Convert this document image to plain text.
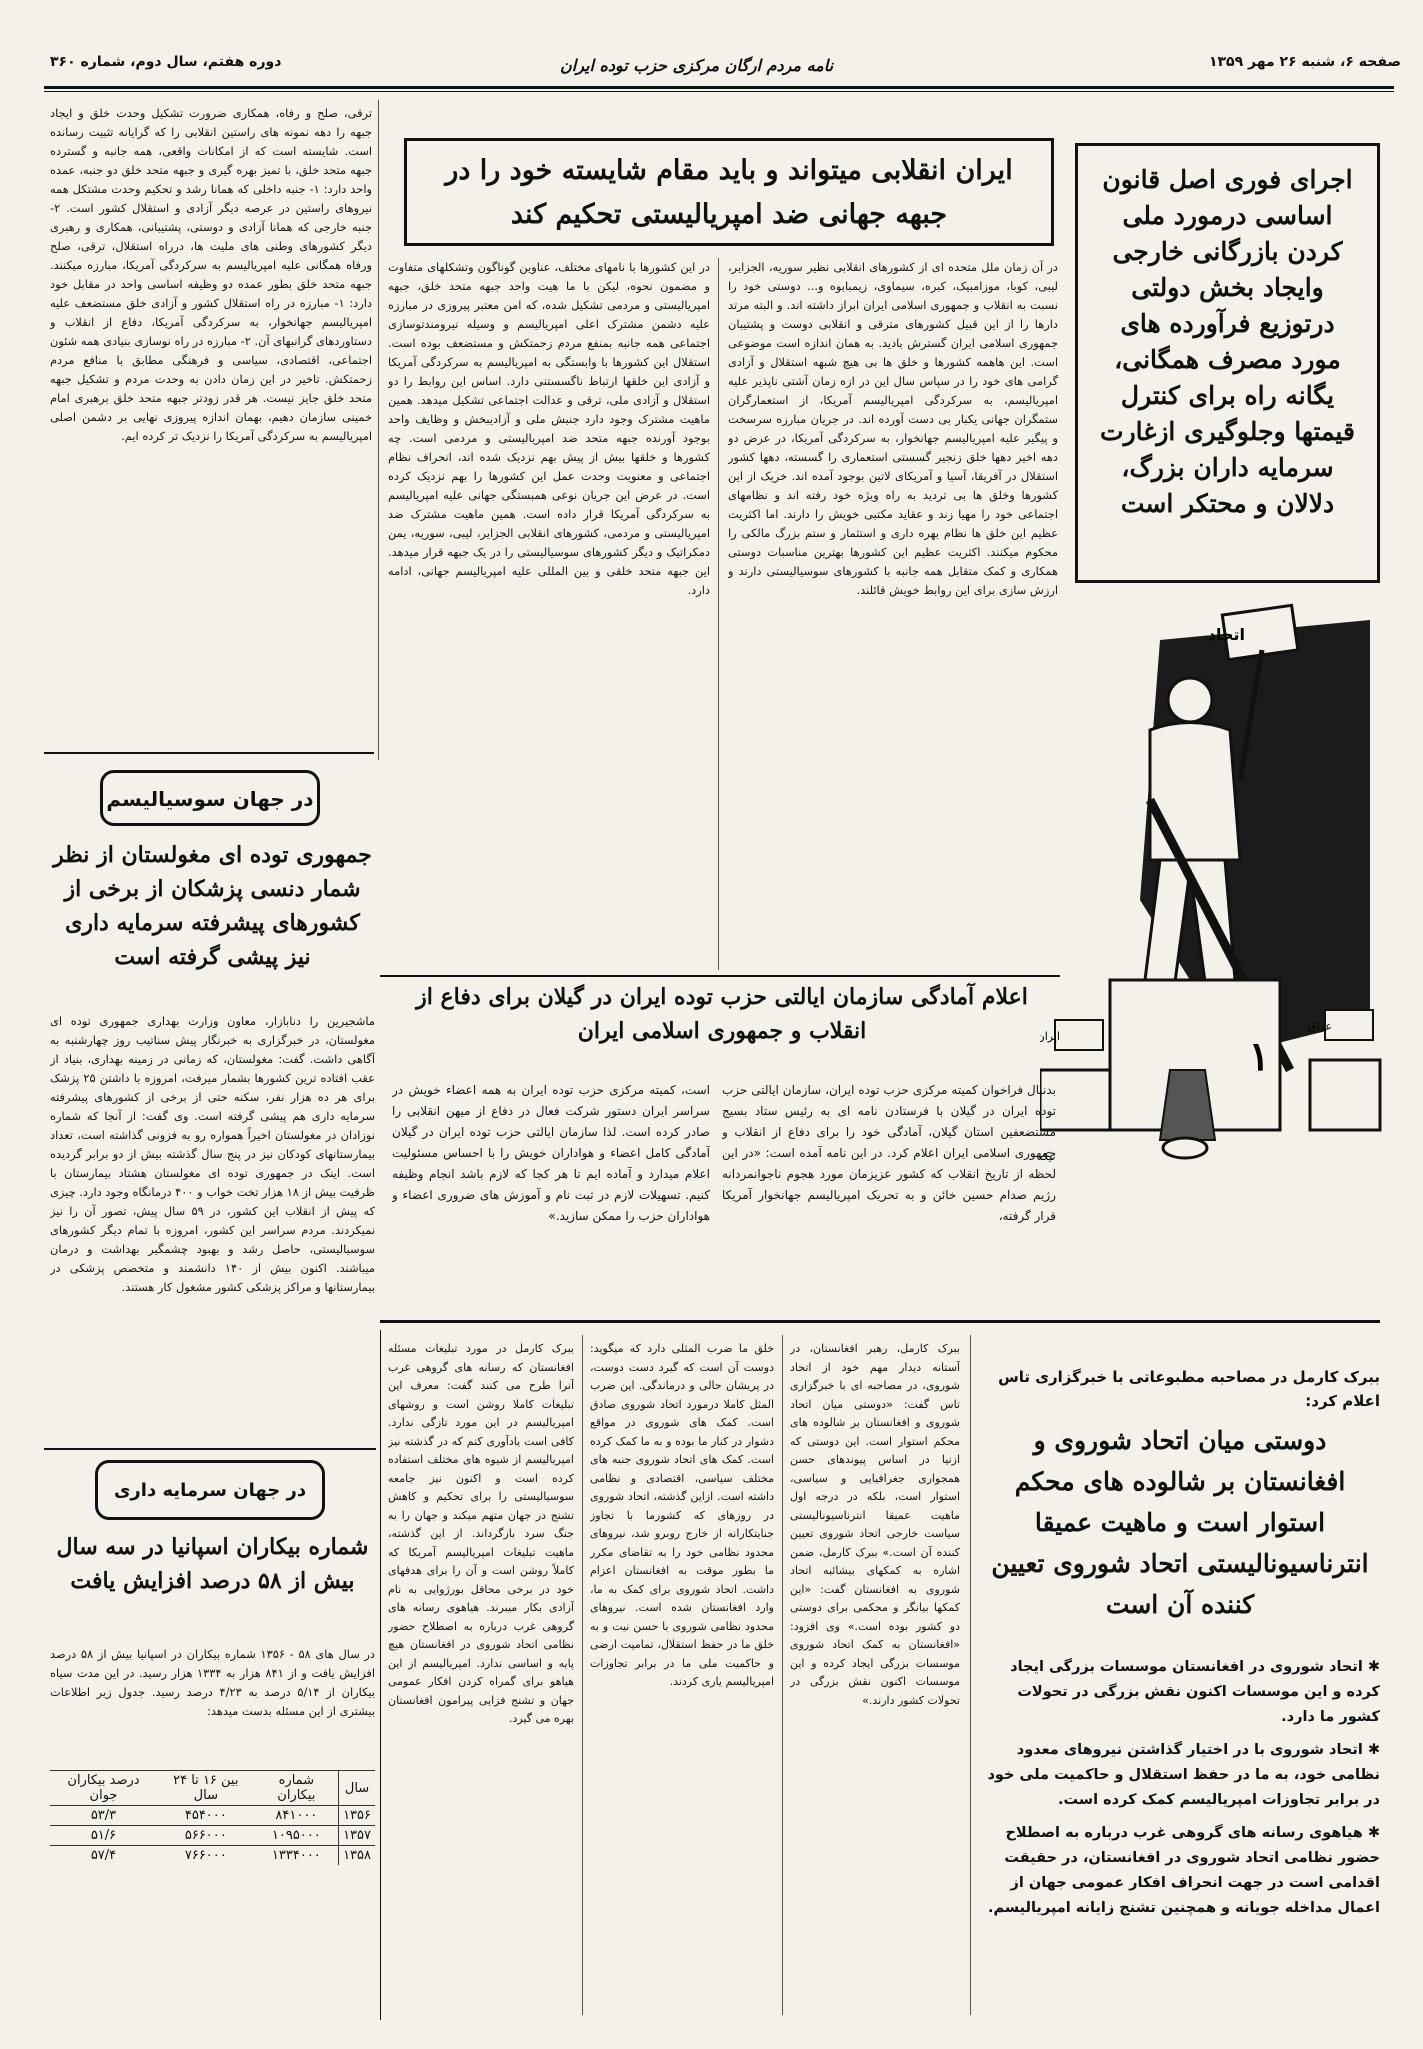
صفحه ۶، شنبه ۲۶ مهر ۱۳۵۹
نامه مردم ارگان مرکزی حزب توده ایران
دوره هفتم، سال دوم، شماره ۳۶۰
اجرای فوری اصل قانون اساسی درمورد ملی کردن بازرگانی خارجی وایجاد بخش دولتی درتوزیع فرآورده های مورد مصرف همگانی، یگانه راه برای کنترل قیمتها وجلوگیری ازغارت سرمایه داران بزرگ، دلالان و محتکر است
اتحاد
۱
ایران
عراق
نیک
ایران انقلابی میتواند و باید مقام شایسته خود را در جبهه جهانی ضد امپریالیستی تحکیم کند
در آن زمان ملل متحده ای از کشورهای انقلابی نظیر سوریه، الجزایر، لیبی، کوبا، موزامبیک، کبره، سیماوی، زیمبابوه و... دوستی خود را نسبت به انقلاب و جمهوری اسلامی ایران ابراز داشته اند. و البته مرتد دارها را از این قبیل کشورهای مترقی و انقلابی دوست و پشتیبان جمهوری اسلامی ایران گسترش بادید. به همان اندازه است موضوعی است. این هاهمه کشورها و خلق ها بی هیچ شبهه استقلال و آزادی گرامی های خود را در سپاس سال این در ازه زمان آشتی ناپذیر علیه امپریالیسم، به سرکردگی امپریالیسم آمریکا، از استعمارگران ستمگران جهانی یکبار بی دست آورده اند. در جریان مبارزه سرسخت و پیگیر علیه امپریالیسم جهانخوار، به سرکردگی آمریکا، در عرض دو دهه اخیر دهها خلق زنجیر گسستی استعماری را گسسته، دهها کشور استقلال در آفریقا، آسیا و آمریکای لاتین بوجود آمده اند. خریک از این کشورها وخلق ها بی تردید به راه ویژه خود رفته اند و نظامهای اجتماعی خود را مهیا زند و عقاید مکتبی خویش را دارند. اما اکثریت عظیم این خلق ها نظام بهره داری و استثمار و ستم بزرگ مالکی را محکوم میکنند. اکثریت عظیم این کشورها بهترین مناسبات دوستی همکاری و کمک متقابل همه جانبه با کشورهای سوسیالیستی دارند و ارزش سازی برای این روابط خویش قائلند.
در این کشورها با نامهای مختلف، عناوین گوناگون وتشکلهای متفاوت و مضمون نحوه، لیکن با ما هیت واحد جبهه متحد خلق، جبهه امپریالیستی و مردمی تشکیل شده، که امن معتبر پیروزی در مبارزه علیه دشمن مشترک اعلی امپریالیسم و وسیله نیرومندتوسازی اجتماعی همه جانبه بمنفع مردم زحمتکش و مستضعف بوده است. استقلال این کشورها با وابستگی به امپریالیسم به سرکردگی آمریکا و آزادی این خلقها ارتباط ناگسستنی دارد. اساس این روابط را دو استقلال و آزادی ملی، ترقی و عدالت اجتماعی تشکیل میدهد. همین ماهیت مشترک وجود دارد جنبش ملی و آزادیبخش و وظایف واحد بوجود آورنده جبهه متحد ضد امپریالیستی و مردمی است. چه کشورها و خلقها بیش از پیش بهم نزدیک شده اند، انحراف نظام اجتماعی و معنویت وحدت عمل این کشورها را بهم نزدیک کرده است. در عرض این جریان نوعی همبستگی جهانی علیه امپریالیسم به سرکردگی آمریکا قرار داده است. همین ماهیت مشترک ضد امپریالیستی و مردمی، کشورهای انقلابی الجزایر، لیبی، سوریه، یمن دمکراتیک و دیگر کشورهای سوسیالیستی را در یک جبهه قرار میدهد. این جبهه متحد خلقی و بین المللی علیه امپریالیسم جهانی، ادامه دارد.
ترقی، صلح و رفاه، همکاری ضرورت تشکیل وحدت خلق و ایجاد جبهه را دهه نمونه های راستین انقلابی را که گرایانه تثبیت رسانده است. شایسته است که از امکانات واقعی، همه جانبه و گسترده جبهه متحد خلق، با تمیز بهره گیری و جبهه متحد خلق دو جنبه، عمده واحد دارد: ۱- جنبه داخلی که همانا رشد و تحکیم وحدت مشتکل همه نیروهای راستین در عرصه دیگر آزادی و استقلال کشور است. ۲- جنبه خارجی که همانا آزادی و دوستی، پشتیبانی، همکاری و رهبری دیگر کشورهای وطنی های ملیت ها، درراه استقلال، ترقی، صلح ورفاه همگانی علیه امپریالیسم به سرکردگی آمریکا، مبارزه میکنند. جبهه متحد خلق بطور عمده دو وظیفه اساسی واحد در مقابل خود دارد: ۱- مبارزه در راه استقلال کشور و آزادی خلق مستضعف علیه امپریالیسم جهانخوار، به سرکردگی آمریکا، دفاع از انقلاب و دستاوردهای گرانبهای آن. ۲- مبارزه در راه نوسازی بنیادی همه شئون اجتماعی، اقتصادی، سیاسی و فرهنگی مطابق با منافع مردم زحمتکش. تاخیر در این زمان دادن به وحدت مردم و تشکیل جبهه متحد خلق جایز نیست. هر قدر زودتر جبهه متحد خلق برهبری امام خمینی سازمان دهیم، بهمان اندازه پیروزی نهایی بر دشمن اصلی امپریالیسم به سرکردگی آمریکا را نزدیک تر کرده ایم.
اعلام آمادگی سازمان ایالتی حزب توده ایران در گیلان برای دفاع از انقلاب و جمهوری اسلامی ایران
بدنبال فراخوان کمیته مرکزی حزب توده ایران، سازمان ایالتی حزب توده ایران در گیلان با فرستادن نامه ای به رئیس ستاد بسیج مستضعفین استان گیلان، آمادگی خود را برای دفاع از انقلاب و جمهوری اسلامی ایران اعلام کرد. در این نامه آمده است: «در این لحظه از تاریخ انقلاب که کشور عزیزمان مورد هجوم ناجوانمردانه رژیم صدام حسین خائن و به تحریک امپریالیسم جهانخوار آمریکا قرار گرفته،
است، کمیته مرکزی حزب توده ایران به همه اعضاء خویش در سراسر ایران دستور شرکت فعال در دفاع از میهن انقلابی را صادر کرده است. لذا سازمان ایالتی حزب توده ایران در گیلان آمادگی کامل اعضاء و هواداران خویش را با احساس مسئولیت اعلام میدارد و آماده ایم تا هر کجا که لازم باشد انجام وظیفه کنیم. تسهیلات لازم در ثبت نام و آموزش های ضروری اعضاء و هواداران حزب را ممکن سازید.»
در جهان سوسیالیسم
جمهوری توده ای مغولستان از نظر شمار دنسی پزشکان از برخی از کشورهای پیشرفته سرمایه داری نیز پیشی گرفته است
ماشجیرین را دنابازار، معاون وزارت بهداری جمهوری توده ای مغولستان، در خبرگزاری به خبرنگار پیش سناتیب روز چهارشنبه به آگاهی داشت. گفت: مغولستان، که زمانی در زمینه بهداری، بنیاد از عقب افتاده ترین کشورها بشمار میرفت، امروزه با داشتن ۲۵ پزشک برای هر ده هزار نفر، سکنه حتی از برخی از کشورهای پیشرفته سرمایه داری هم پیشی گرفته است. وی گفت: از آنجا که شماره نوزادان در مغولستان اخیراً همواره رو به فزونی گذاشته است، تعداد بیمارستانهای کودکان نیز در پنج سال گذشته بیش از دو برابر گردیده است. اینک در جمهوری توده ای مغولستان هشتاد بیمارستان با ظرفیت بیش از ۱۸ هزار تخت خواب و ۴۰۰ درمانگاه وجود دارد. چیزی که پیش از انقلاب این کشور، در ۵۹ سال پیش، تصور آن را نیز نمیکردند. مردم سراسر این کشور، امروزه با تمام دیگر کشورهای سوسیالیستی، حاصل رشد و بهبود چشمگیر بهداشت و درمان میباشند. اکنون بیش از ۱۴۰ دانشمند و متخصص پزشکی در بیمارستانها و مراکز پزشکی کشور مشغول کار هستند.
در جهان سرمایه داری
شماره بیکاران اسپانیا در سه سال بیش از ۵۸ درصد افزایش یافت
در سال های ۵۸ - ۱۳۵۶ شماره بیکاران در اسپانیا بیش از ۵۸ درصد افزایش یافت و از ۸۴۱ هزار به ۱۳۳۴ هزار رسید. در این مدت سیاه بیکاران از ۵/۱۴ درصد به ۴/۲۳ درصد رسید. جدول زیر اطلاعات بیشتری از این مسئله بدست میدهد:
سال	شماره بیکاران	بین ۱۶ تا ۲۴ سال	درصد بیکاران جوان
۱۳۵۶	۸۴۱۰۰۰	۴۵۴۰۰۰	۵۳/۳
۱۳۵۷	۱۰۹۵۰۰۰	۵۶۶۰۰۰	۵۱/۶
۱۳۵۸	۱۳۳۴۰۰۰	۷۶۶۰۰۰	۵۷/۴
ببرک کارمل در مصاحبه مطبوعاتی با خبرگزاری تاس اعلام کرد:
دوستی میان اتحاد شوروی و افغانستان بر شالوده های محکم استوار است و ماهیت عمیقا انترناسیونالیستی اتحاد شوروی تعیین کننده آن است

✱ اتحاد شوروی در افغانستان موسسات بزرگی ایجاد کرده و این موسسات اکنون نقش بزرگی در تحولات کشور ما دارد.

✱ اتحاد شوروی با در اختیار گذاشتن نیروهای معدود نظامی خود، به ما در حفظ استقلال و حاکمیت ملی خود در برابر تجاوزات امپریالیسم کمک کرده است.

✱ هیاهوی رسانه های گروهی غرب درباره به اصطلاح حضور نظامی اتحاد شوروی در افغانستان، در حقیقت اقدامی است در جهت انحراف افکار عمومی جهان از اعمال مداخله جویانه و همچنین تشنج زایانه امپریالیسم.

ببرک کارمل، رهبر افغانستان، در آستانه دیدار مهم خود از اتحاد شوروی، در مصاحبه ای با خبرگزاری تاس گفت: «دوستی میان اتحاد شوروی و افغانستان بر شالوده های محکم استوار است. این دوستی که ازنیا در اساس پیوندهای حسن همجواری جغرافیایی و سیاسی، استوار است، بلکه در درجه اول ماهیت عمیقا انترناسیونالیستی سیاست خارجی اتحاد شوروی تعیین کننده آن است.» ببرک کارمل، ضمن اشاره به کمکهای بیشائبه اتحاد شوروی به افغانستان گفت: «این کمکها بیانگر و محکمی برای دوستی دو کشور بوده است.» وی افزود: «افغانستان به کمک اتحاد شوروی موسسات بزرگی ایجاد کرده و این موسسات اکنون نقش بزرگی در تحولات کشور دارند.»
خلق ما ضرب المثلی دارد که میگوید: دوست آن است که گیرد دست دوست، در پریشان حالی و درماندگی. این ضرب المثل کاملا درمورد اتحاد شوروی صادق است. کمک های شوروی در مواقع دشوار در کنار ما بوده و به ما کمک کرده است. کمک های اتحاد شوروی جنبه های مختلف سیاسی، اقتصادی و نظامی داشته است. ازاین گذشته، اتحاد شوروی در روزهای که کشورما با تجاوز جنایتکارانه از خارج روبرو شد، نیروهای محدود نظامی خود را به تقاضای مکرر ما بطور موقت به افغانستان اعزام داشت. اتحاد شوروی برای کمک به ما، وارد افغانستان شده است. نیروهای محدود نظامی شوروی با حسن نیت و به خلق ما در حفظ استقلال، تمامیت ارضی و حاکمیت ملی ما در برابر تجاوزات امپریالیسم یاری کردند.
ببرک کارمل در مورد تبلیغات مسئله افغانستان که رسانه های گروهی غرب آنرا طرح می کنند گفت: معرف این تبلیغات کاملا روشن است و روشهای امپریالیسم در این مورد تازگی ندارد. کافی است یادآوری کنم که در گذشته نیز امپریالیسم از شیوه های مختلف استفاده کرده است و اکنون نیز جامعه سوسیالیستی را برای تحکیم و کاهش تشنج در جهان متهم میکند و جهان را به جنگ سرد بازگرداند. از این گذشته، ماهیت تبلیغات امپریالیسم آمریکا که کاملاً روشن است و آن را برای هدفهای خود در برخی محافل بورژوایی به نام آزادی بکار میبرند. هیاهوی رسانه های گروهی غرب درباره به اصطلاح حضور نظامی اتحاد شوروی در افغانستان هیچ پایه و اساسی ندارد. امپریالیسم از این هیاهو برای گمراه کردن افکار عمومی جهان و تشنج فزایی پیرامون افغانستان بهره می گیرد.
